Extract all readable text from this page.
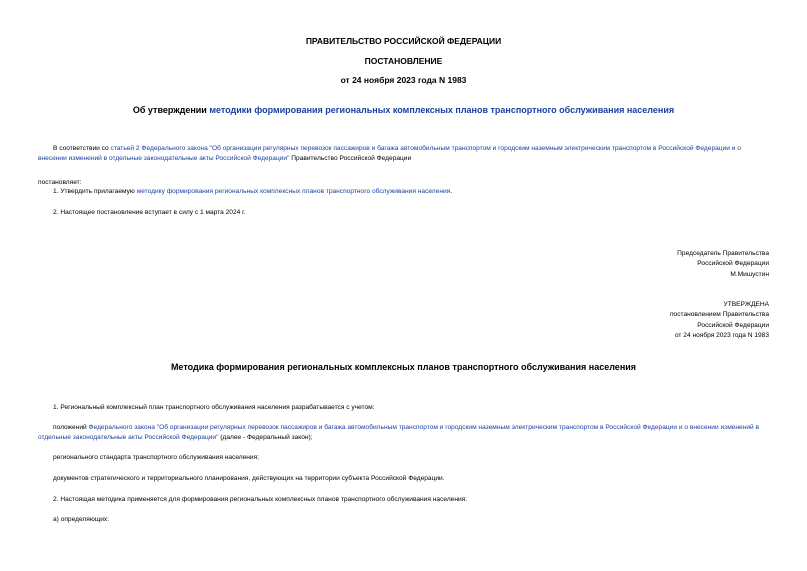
ПРАВИТЕЛЬСТВО РОССИЙСКОЙ ФЕДЕРАЦИИ
ПОСТАНОВЛЕНИЕ
от 24 ноября 2023 года N 1983
Об утверждении методики формирования региональных комплексных планов транспортного обслуживания населения
В соответствии со статьей 2 Федерального закона "Об организации регулярных перевозок пассажиров и багажа автомобильным транспортом и городским наземным электрическим транспортом в Российской Федерации и о внесении изменений в отдельные законодательные акты Российской Федерации" Правительство Российской Федерации
постановляет:
1. Утвердить прилагаемую методику формирования региональных комплексных планов транспортного обслуживания населения.
2. Настоящее постановление вступает в силу с 1 марта 2024 г.
Председатель Правительства
Российской Федерации
М.Мишустин
УТВЕРЖДЕНА
постановлением Правительства
Российской Федерации
от 24 ноября 2023 года N 1983
Методика формирования региональных комплексных планов транспортного обслуживания населения
1. Региональный комплексный план транспортного обслуживания населения разрабатывается с учетом:
положений Федерального закона "Об организации регулярных перевозок пассажиров и багажа автомобильным транспортом и городским наземным электрическим транспортом в Российской Федерации и о внесении изменений в отдельные законодательные акты Российской Федерации" (далее - Федеральный закон);
регионального стандарта транспортного обслуживания населения;
документов стратегического и территориального планирования, действующих на территории субъекта Российской Федерации.
2. Настоящая методика применяется для формирования региональных комплексных планов транспортного обслуживания населения:
а) определяющих:
